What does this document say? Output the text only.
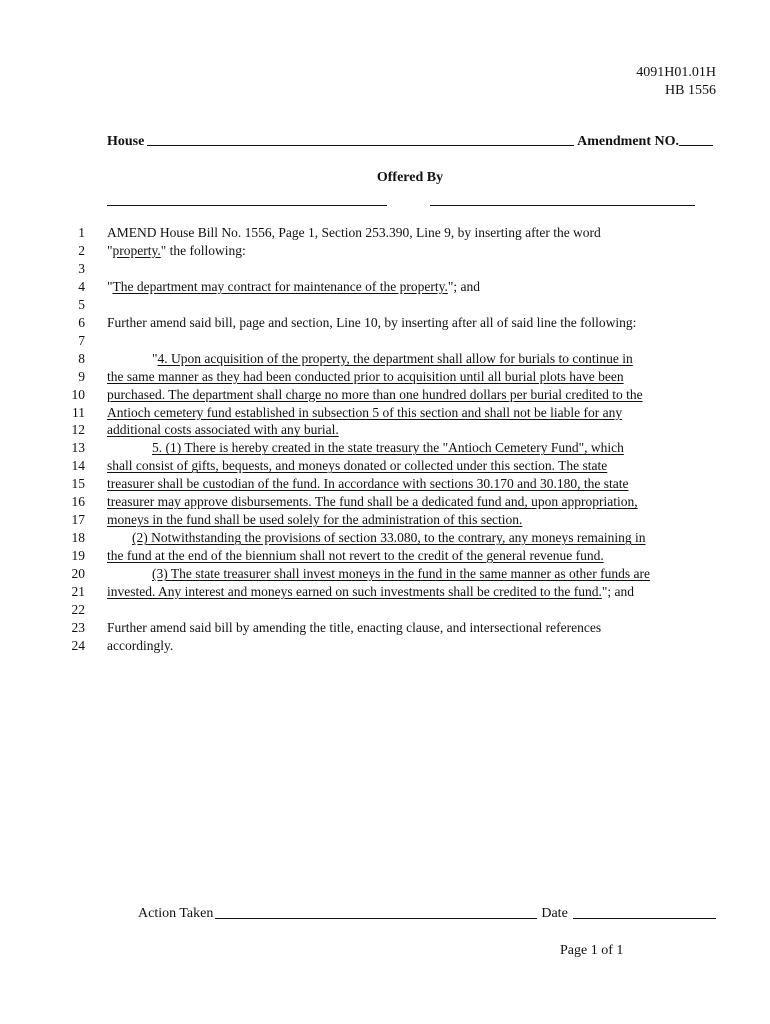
4091H01.01H
HB 1556
House	Amendment NO.
Offered By
1 AMEND House Bill No. 1556, Page 1, Section 253.390, Line 9, by inserting after the word
2 "property." the following:
3
4 "The department may contract for maintenance of the property."; and
5
6 Further amend said bill, page and section, Line 10, by inserting after all of said line the following:
7
8	"4. Upon acquisition of the property, the department shall allow for burials to continue in
9 the same manner as they had been conducted prior to acquisition until all burial plots have been
10 purchased. The department shall charge no more than one hundred dollars per burial credited to the
11 Antioch cemetery fund established in subsection 5 of this section and shall not be liable for any
12 additional costs associated with any burial.
13	5. (1) There is hereby created in the state treasury the "Antioch Cemetery Fund", which
14 shall consist of gifts, bequests, and moneys donated or collected under this section. The state
15 treasurer shall be custodian of the fund. In accordance with sections 30.170 and 30.180, the state
16 treasurer may approve disbursements. The fund shall be a dedicated fund and, upon appropriation,
17 moneys in the fund shall be used solely for the administration of this section.
18	(2) Notwithstanding the provisions of section 33.080, to the contrary, any moneys remaining in
19 the fund at the end of the biennium shall not revert to the credit of the general revenue fund.
20	(3) The state treasurer shall invest moneys in the fund in the same manner as other funds are
21 invested. Any interest and moneys earned on such investments shall be credited to the fund."; and
22
23 Further amend said bill by amending the title, enacting clause, and intersectional references
24 accordingly.
Action Taken	Date
Page 1 of 1
